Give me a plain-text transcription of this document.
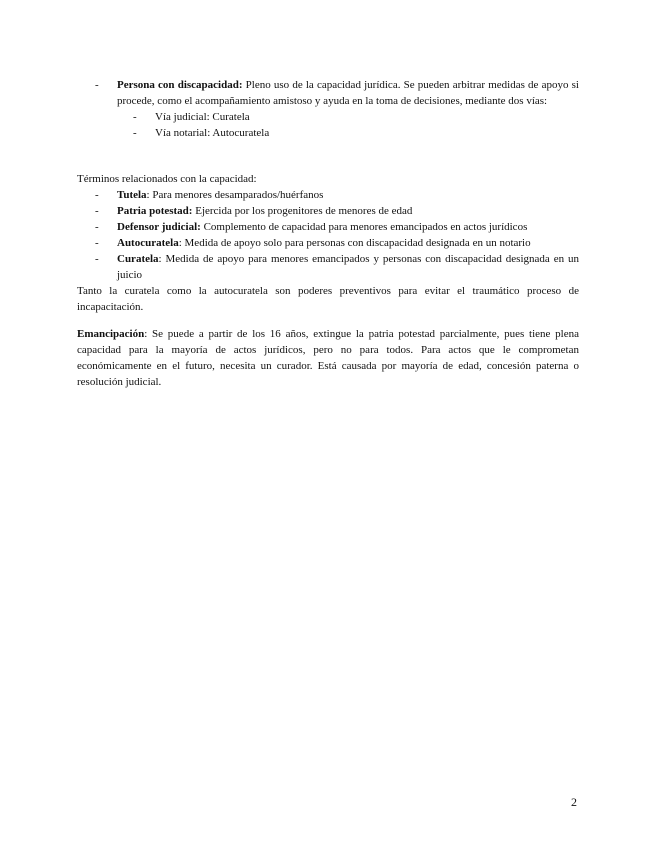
-	Persona con discapacidad: Pleno uso de la capacidad jurídica. Se pueden arbitrar medidas de apoyo si procede, como el acompañamiento amistoso y ayuda en la toma de decisiones, mediante dos vías:
-	Vía judicial: Curatela
-	Vía notarial: Autocuratela
Términos relacionados con la capacidad:
-	Tutela: Para menores desamparados/huérfanos
-	Patria potestad: Ejercida por los progenitores de menores de edad
-	Defensor judicial: Complemento de capacidad para menores emancipados en actos jurídicos
-	Autocuratela: Medida de apoyo solo para personas con discapacidad designada en un notario
-	Curatela: Medida de apoyo para menores emancipados y personas con discapacidad designada en un juicio
Tanto la curatela como la autocuratela son poderes preventivos para evitar el traumático proceso de incapacitación.
Emancipación: Se puede a partir de los 16 años, extingue la patria potestad parcialmente, pues tiene plena capacidad para la mayoría de actos jurídicos, pero no para todos. Para actos que le comprometan económicamente en el futuro, necesita un curador. Está causada por mayoría de edad, concesión paterna o resolución judicial.
2
